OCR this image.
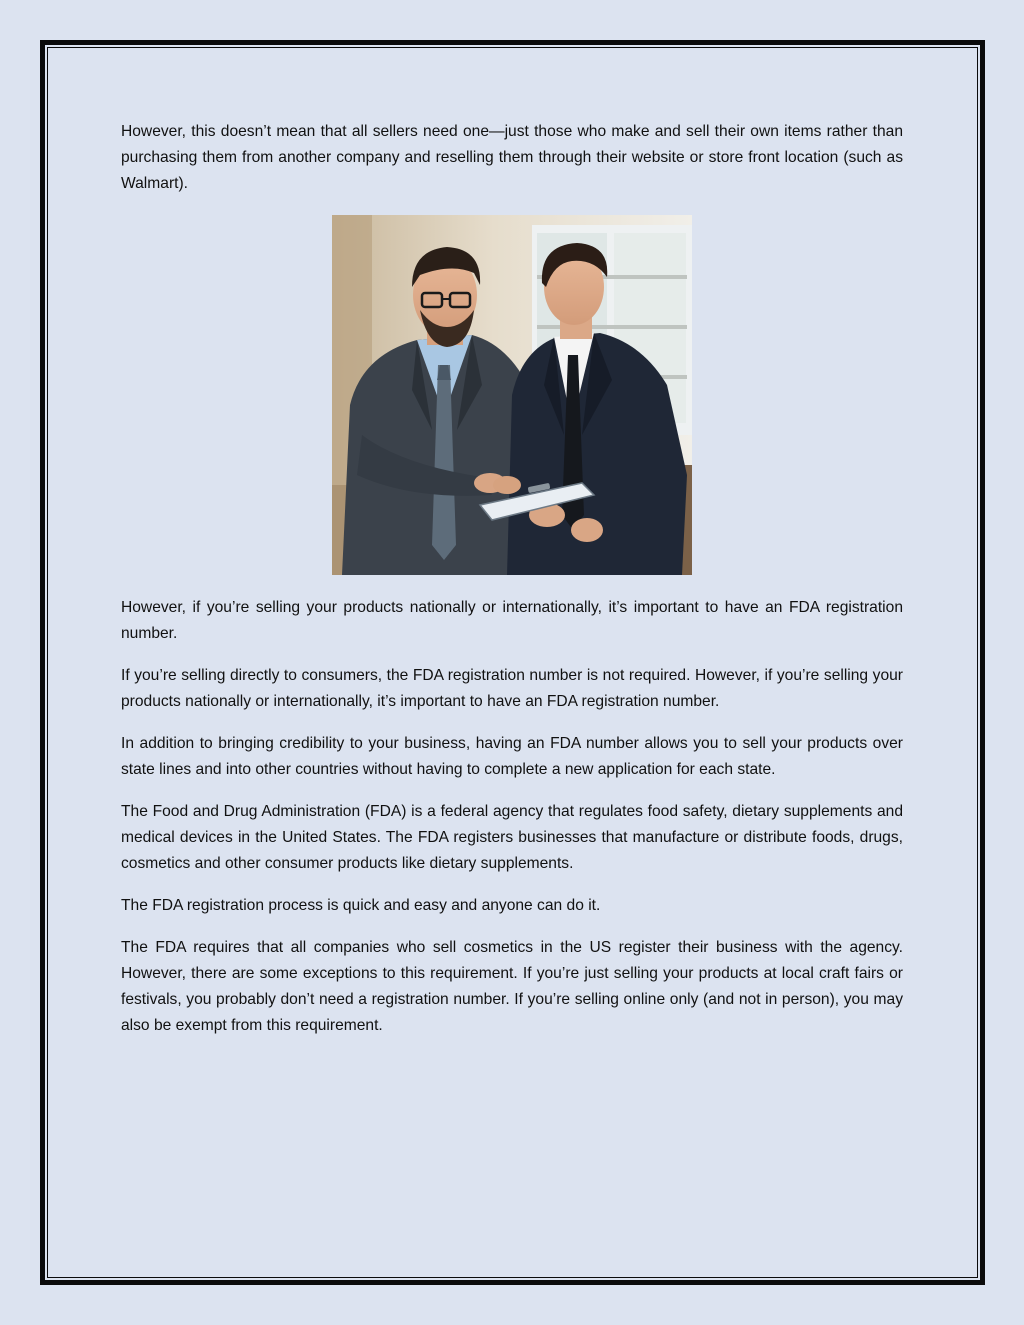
However, this doesn’t mean that all sellers need one—just those who make and sell their own items rather than purchasing them from another company and reselling them through their website or store front location (such as Walmart).

However, if you’re selling your products nationally or internationally, it’s important to have an FDA registration number.

If you’re selling directly to consumers, the FDA registration number is not required. However, if you’re selling your products nationally or internationally, it’s important to have an FDA registration number.

In addition to bringing credibility to your business, having an FDA number allows you to sell your products over state lines and into other countries without having to complete a new application for each state.

The Food and Drug Administration (FDA) is a federal agency that regulates food safety, dietary supplements and medical devices in the United States. The FDA registers businesses that manufacture or distribute foods, drugs, cosmetics and other consumer products like dietary supplements.

The FDA registration process is quick and easy and anyone can do it.

The FDA requires that all companies who sell cosmetics in the US register their business with the agency. However, there are some exceptions to this requirement. If you’re just selling your products at local craft fairs or festivals, you probably don’t need a registration number. If you’re selling online only (and not in person), you may also be exempt from this requirement.
